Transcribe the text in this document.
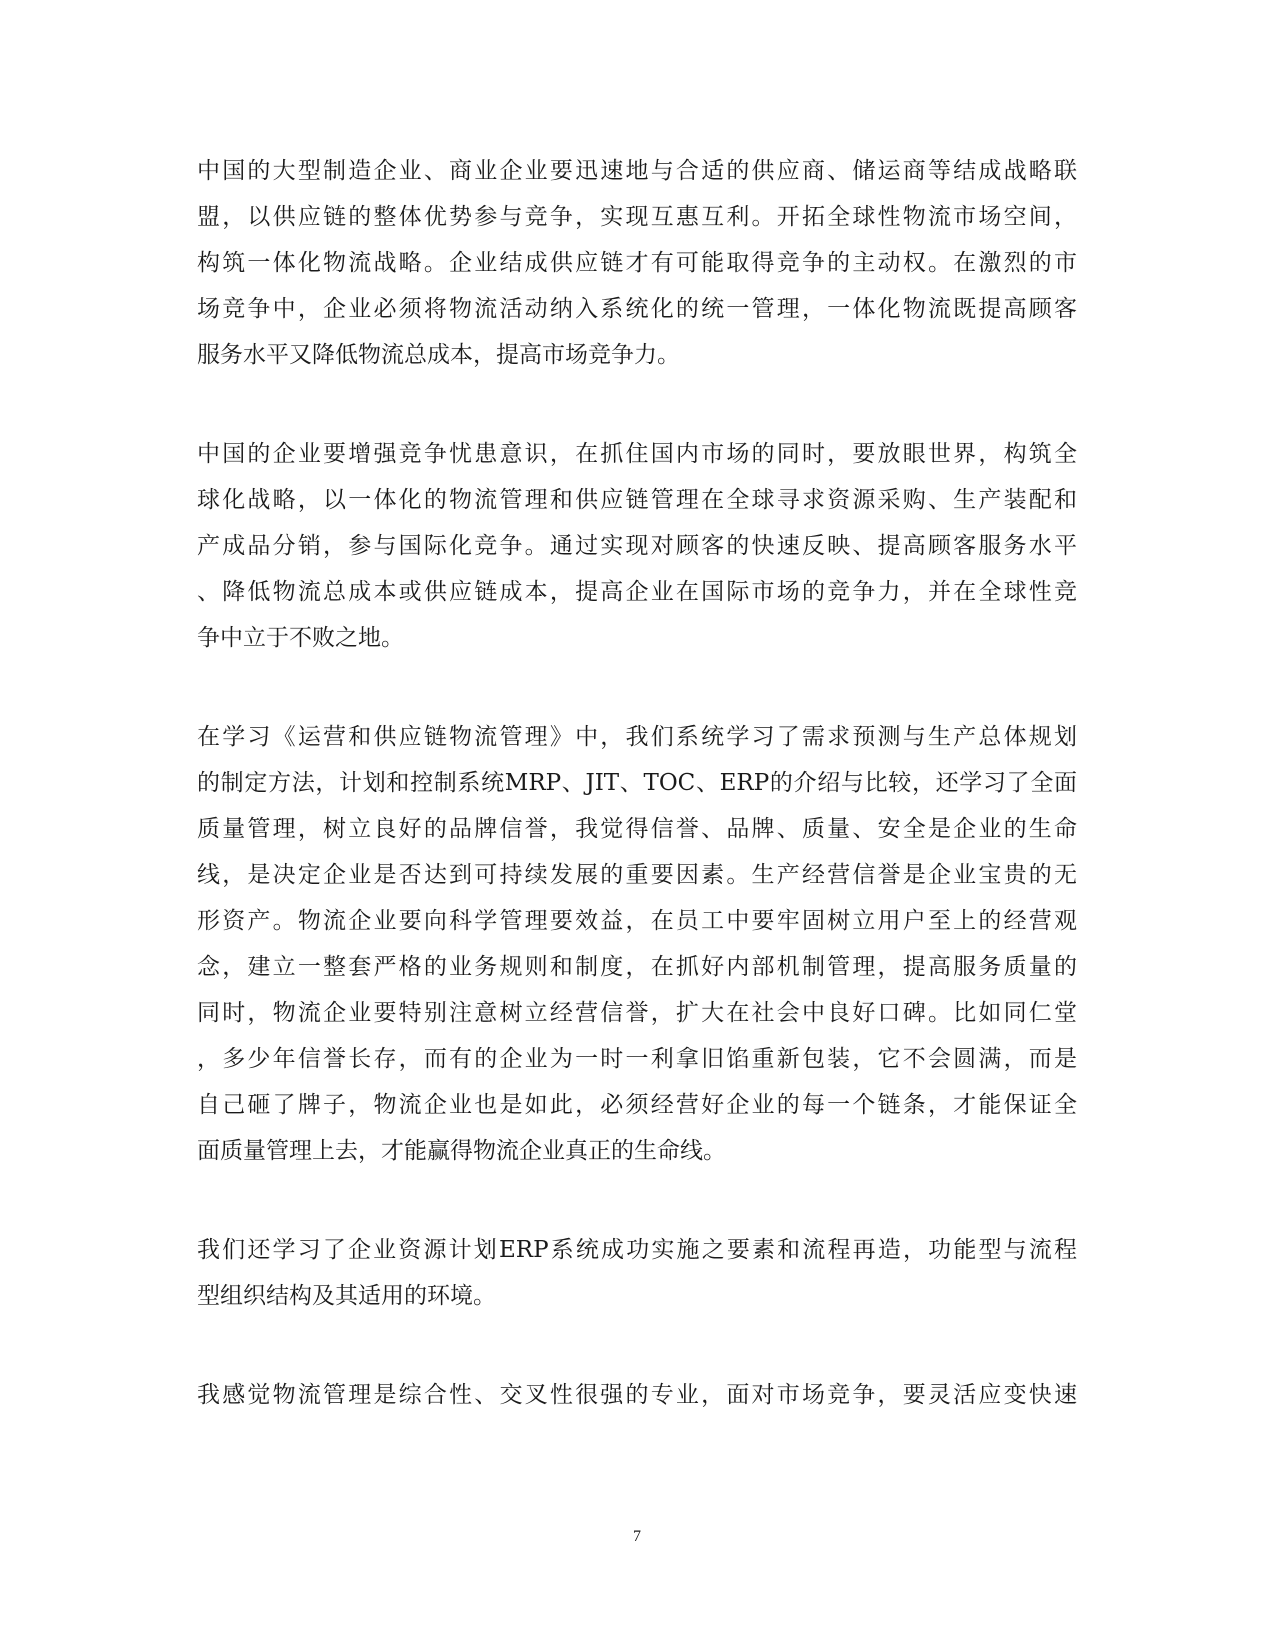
中国的大型制造企业、商业企业要迅速地与合适的供应商、储运商等结成战略联
盟，以供应链的整体优势参与竞争，实现互惠互利。开拓全球性物流市场空间，
构筑一体化物流战略。企业结成供应链才有可能取得竞争的主动权。在激烈的市
场竞争中，企业必须将物流活动纳入系统化的统一管理，一体化物流既提高顾客
服务水平又降低物流总成本，提高市场竞争力。
中国的企业要增强竞争忧患意识，在抓住国内市场的同时，要放眼世界，构筑全
球化战略，以一体化的物流管理和供应链管理在全球寻求资源采购、生产装配和
产成品分销，参与国际化竞争。通过实现对顾客的快速反映、提高顾客服务水平
、降低物流总成本或供应链成本，提高企业在国际市场的竞争力，并在全球性竞
争中立于不败之地。
在学习《运营和供应链物流管理》中，我们系统学习了需求预测与生产总体规划
的制定方法，计划和控制系统MRP、JIT、TOC、ERP的介绍与比较，还学习了全面
质量管理，树立良好的品牌信誉，我觉得信誉、品牌、质量、安全是企业的生命
线，是决定企业是否达到可持续发展的重要因素。生产经营信誉是企业宝贵的无
形资产。物流企业要向科学管理要效益，在员工中要牢固树立用户至上的经营观
念，建立一整套严格的业务规则和制度，在抓好内部机制管理，提高服务质量的
同时，物流企业要特别注意树立经营信誉，扩大在社会中良好口碑。比如同仁堂
，多少年信誉长存，而有的企业为一时一利拿旧馅重新包装，它不会圆满，而是
自己砸了牌子，物流企业也是如此，必须经营好企业的每一个链条，才能保证全
面质量管理上去，才能赢得物流企业真正的生命线。
我们还学习了企业资源计划ERP系统成功实施之要素和流程再造，功能型与流程
型组织结构及其适用的环境。
我感觉物流管理是综合性、交叉性很强的专业，面对市场竞争，要灵活应变快速
7
